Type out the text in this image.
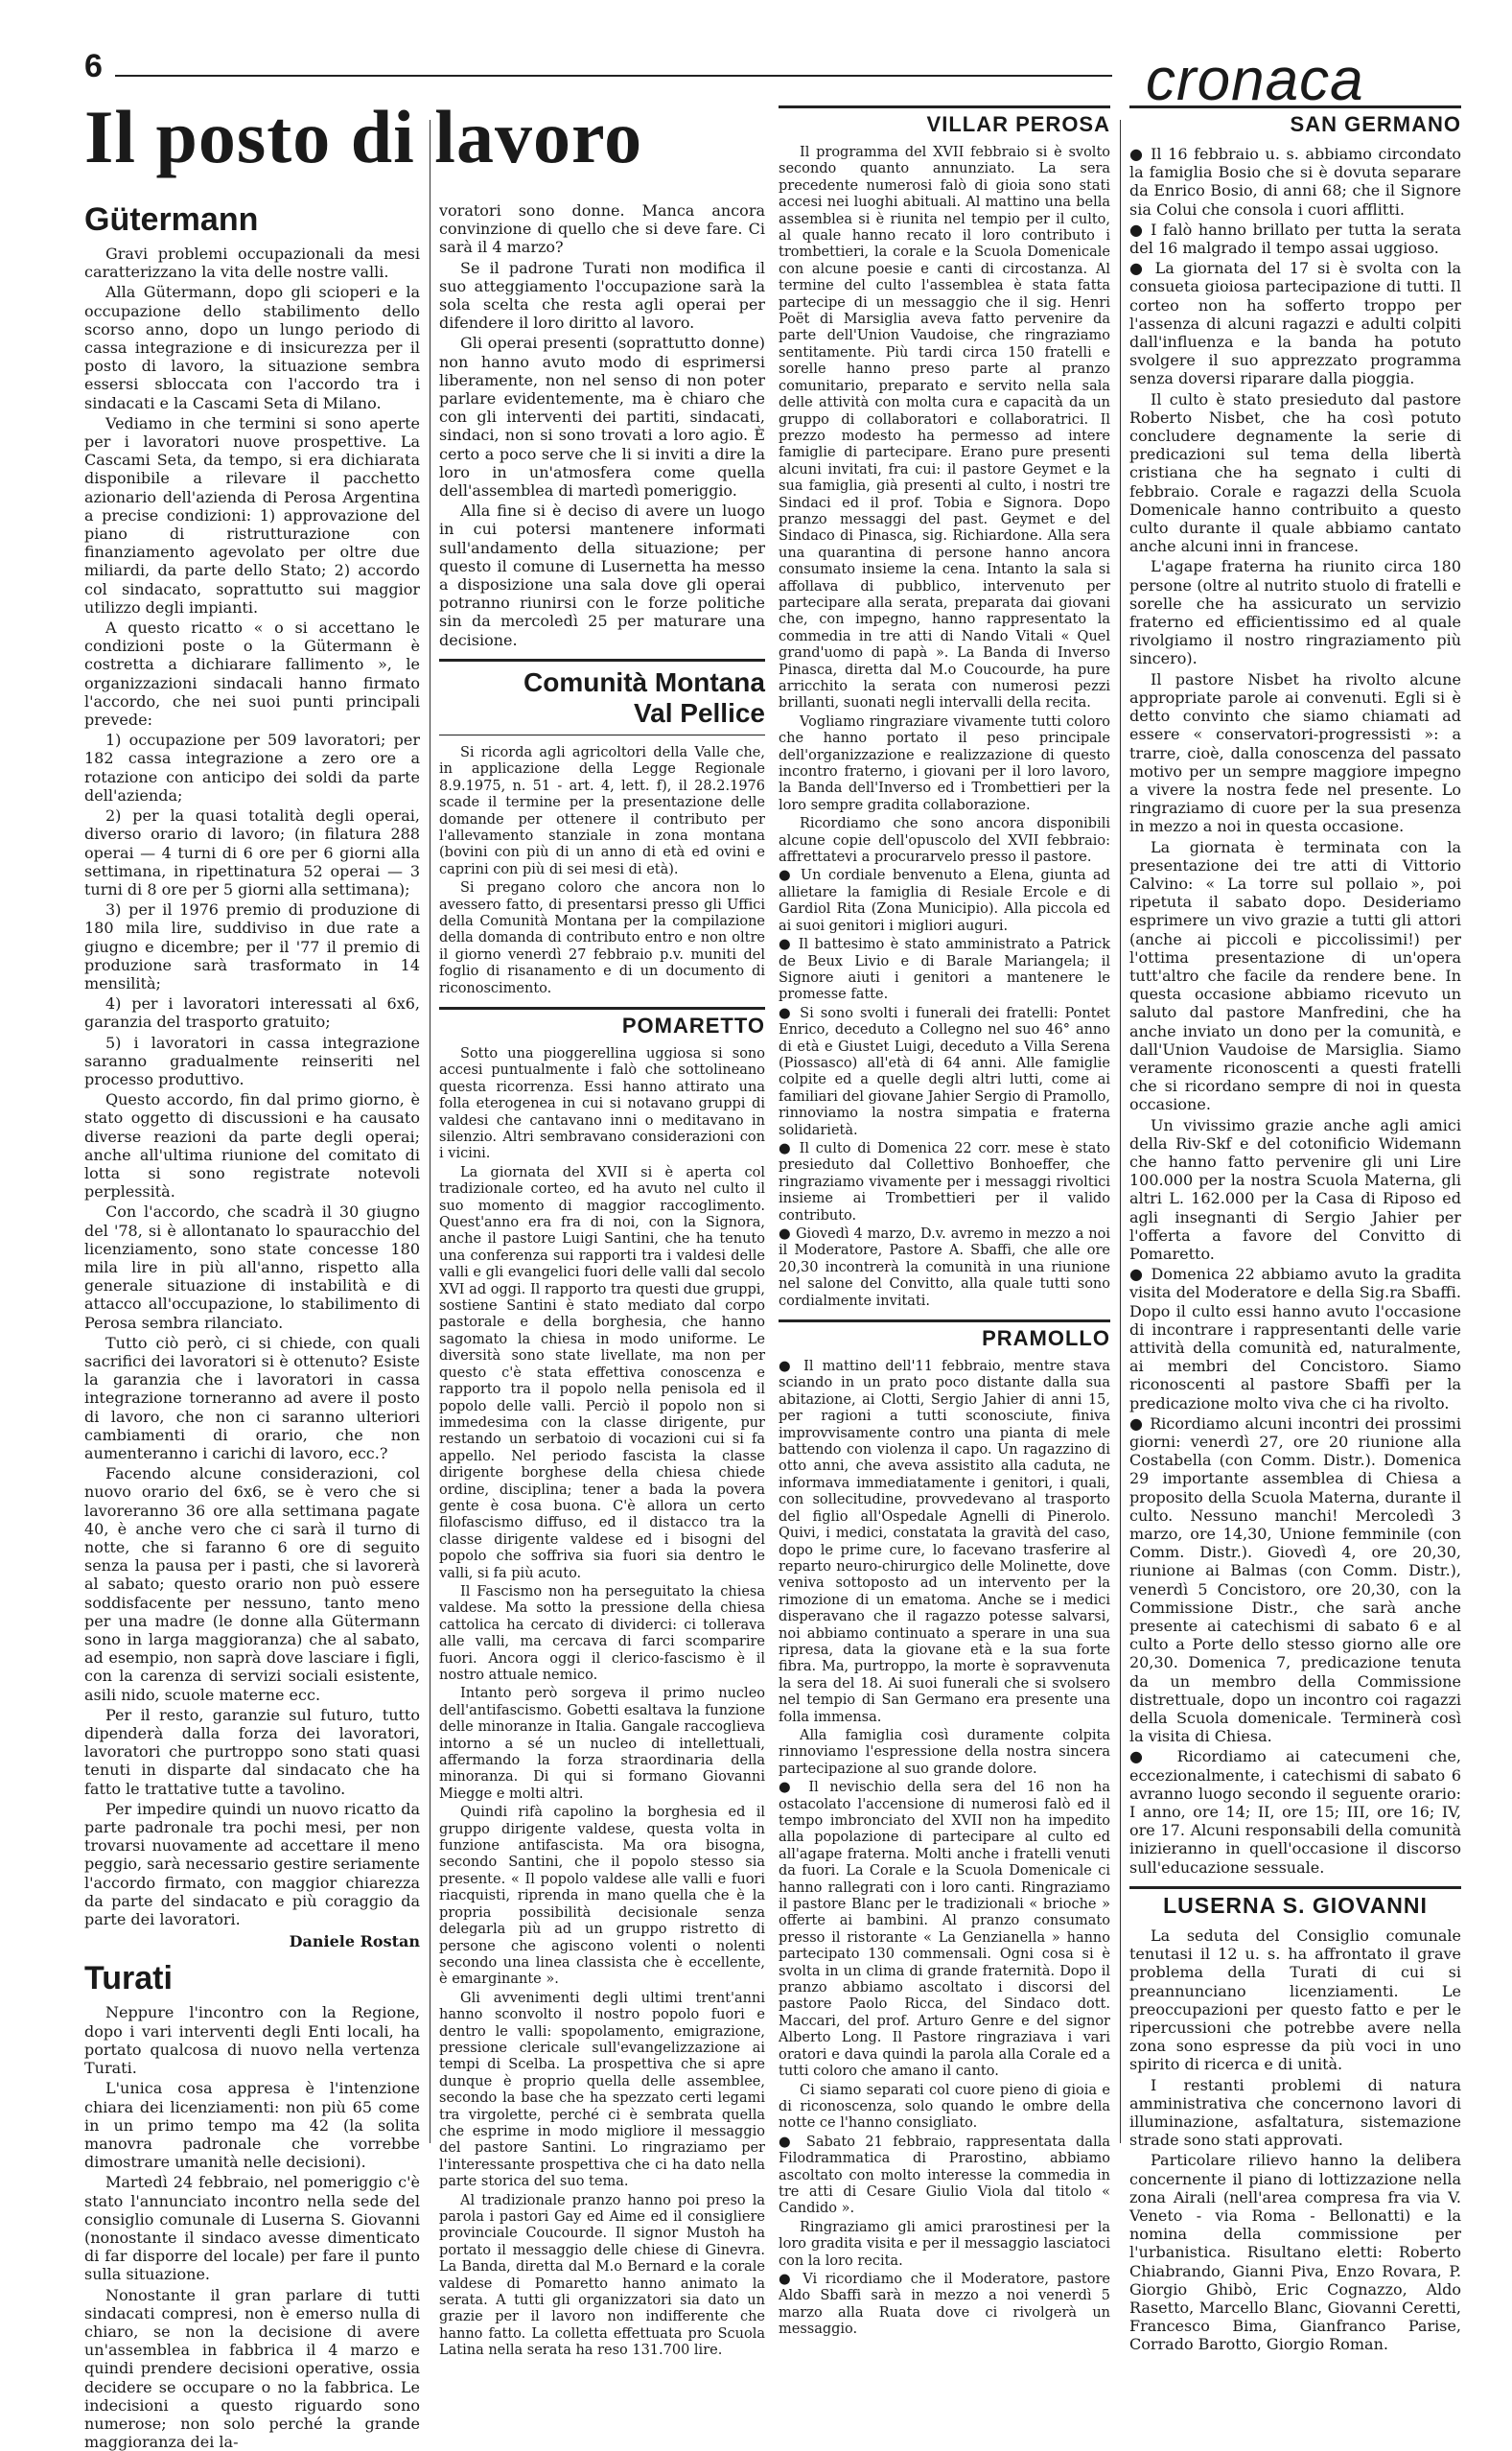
6	cronaca
Il posto di lavoro
Gütermann

Gravi problemi occupazionali da mesi caratterizzano la vita delle nostre valli.

Alla Gütermann, dopo gli scioperi e la occupazione dello stabilimento dello scorso anno, dopo un lungo periodo di cassa integrazione e di insicurezza per il posto di lavoro, la situazione sembra essersi sbloccata con l'accordo tra i sindacati e la Cascami Seta di Milano.

Vediamo in che termini si sono aperte per i lavoratori nuove prospettive. La Cascami Seta, da tempo, si era dichiarata disponibile a rilevare il pacchetto azionario dell'azienda di Perosa Argentina a precise condizioni: 1) approvazione del piano di ristrutturazione con finanziamento agevolato per oltre due miliardi, da parte dello Stato; 2) accordo col sindacato, soprattutto sui maggior utilizzo degli impianti.

A questo ricatto « o si accettano le condizioni poste o la Gütermann è costretta a dichiarare fallimento », le organizzazioni sindacali hanno firmato l'accordo, che nei suoi punti principali prevede:

1) occupazione per 509 lavoratori; per 182 cassa integrazione a zero ore a rotazione con anticipo dei soldi da parte dell'azienda;

2) per la quasi totalità degli operai, diverso orario di lavoro; (in filatura 288 operai — 4 turni di 6 ore per 6 giorni alla settimana, in ripettinatura 52 operai — 3 turni di 8 ore per 5 giorni alla settimana);

3) per il 1976 premio di produzione di 180 mila lire, suddiviso in due rate a giugno e dicembre; per il '77 il premio di produzione sarà trasformato in 14 mensilità;

4) per i lavoratori interessati al 6x6, garanzia del trasporto gratuito;

5) i lavoratori in cassa integrazione saranno gradualmente reinseriti nel processo produttivo.

Questo accordo, fin dal primo giorno, è stato oggetto di discussioni e ha causato diverse reazioni da parte degli operai; anche all'ultima riunione del comitato di lotta si sono registrate notevoli perplessità.

Con l'accordo, che scadrà il 30 giugno del '78, si è allontanato lo spauracchio del licenziamento, sono state concesse 180 mila lire in più all'anno, rispetto alla generale situazione di instabilità e di attacco all'occupazione, lo stabilimento di Perosa sembra rilanciato.

Tutto ciò però, ci si chiede, con quali sacrifici dei lavoratori si è ottenuto? Esiste la garanzia che i lavoratori in cassa integrazione torneranno ad avere il posto di lavoro, che non ci saranno ulteriori cambiamenti di orario, che non aumenteranno i carichi di lavoro, ecc.?

Facendo alcune considerazioni, col nuovo orario del 6x6, se è vero che si lavoreranno 36 ore alla settimana pagate 40, è anche vero che ci sarà il turno di notte, che si faranno 6 ore di seguito senza la pausa per i pasti, che si lavorerà al sabato; questo orario non può essere soddisfacente per nessuno, tanto meno per una madre (le donne alla Gütermann sono in larga maggioranza) che al sabato, ad esempio, non saprà dove lasciare i figli, con la carenza di servizi sociali esistente, asili nido, scuole materne ecc.

Per il resto, garanzie sul futuro, tutto dipenderà dalla forza dei lavoratori, lavoratori che purtroppo sono stati quasi tenuti in disparte dal sindacato che ha fatto le trattative tutte a tavolino.

Per impedire quindi un nuovo ricatto da parte padronale tra pochi mesi, per non trovarsi nuovamente ad accettare il meno peggio, sarà necessario gestire seriamente l'accordo firmato, con maggior chiarezza da parte del sindacato e più coraggio da parte dei lavoratori.

Daniele Rostan
Turati

Neppure l'incontro con la Regione, dopo i vari interventi degli Enti locali, ha portato qualcosa di nuovo nella vertenza Turati.

L'unica cosa appresa è l'intenzione chiara dei licenziamenti: non più 65 come in un primo tempo ma 42 (la solita manovra padronale che vorrebbe dimostrare umanità nelle decisioni).

Martedì 24 febbraio, nel pomeriggio c'è stato l'annunciato incontro nella sede del consiglio comunale di Luserna S. Giovanni (nonostante il sindaco avesse dimenticato di far disporre del locale) per fare il punto sulla situazione.

Nonostante il gran parlare di tutti sindacati compresi, non è emerso nulla di chiaro, se non la decisione di avere un'assemblea in fabbrica il 4 marzo e quindi prendere decisioni operative, ossia decidere se occupare o no la fabbrica. Le indecisioni a questo riguardo sono numerose; non solo perché la grande maggioranza dei la-

voratori sono donne. Manca ancora convinzione di quello che si deve fare. Ci sarà il 4 marzo?

Se il padrone Turati non modifica il suo atteggiamento l'occupazione sarà la sola scelta che resta agli operai per difendere il loro diritto al lavoro.

Gli operai presenti (soprattutto donne) non hanno avuto modo di esprimersi liberamente, non nel senso di non poter parlare evidentemente, ma è chiaro che con gli interventi dei partiti, sindacati, sindaci, non si sono trovati a loro agio. È certo a poco serve che li si inviti a dire la loro in un'atmosfera come quella dell'assemblea di martedì pomeriggio.

Alla fine si è deciso di avere un luogo in cui potersi mantenere informati sull'andamento della situazione; per questo il comune di Lusernetta ha messo a disposizione una sala dove gli operai potranno riunirsi con le forze politiche sin da mercoledì 25 per maturare una decisione.

Comunità Montana
Val Pellice

Si ricorda agli agricoltori della Valle che, in applicazione della Legge Regionale 8.9.1975, n. 51 - art. 4, lett. f), il 28.2.1976 scade il termine per la presentazione delle domande per ottenere il contributo per l'allevamento stanziale in zona montana (bovini con più di un anno di età ed ovini e caprini con più di sei mesi di età).

Si pregano coloro che ancora non lo avessero fatto, di presentarsi presso gli Uffici della Comunità Montana per la compilazione della domanda di contributo entro e non oltre il giorno venerdì 27 febbraio p.v. muniti del foglio di risanamento e di un documento di riconoscimento.

POMARETTO

Sotto una pioggerellina uggiosa si sono accesi puntualmente i falò che sottolineano questa ricorrenza. Essi hanno attirato una folla eterogenea in cui si notavano gruppi di valdesi che cantavano inni o meditavano in silenzio. Altri sembravano considerazioni con i vicini.

La giornata del XVII si è aperta col tradizionale corteo, ed ha avuto nel culto il suo momento di maggior raccoglimento. Quest'anno era fra di noi, con la Signora, anche il pastore Luigi Santini, che ha tenuto una conferenza sui rapporti tra i valdesi delle valli e gli evangelici fuori delle valli dal secolo XVI ad oggi. Il rapporto tra questi due gruppi, sostiene Santini è stato mediato dal corpo pastorale e della borghesia, che hanno sagomato la chiesa in modo uniforme. Le diversità sono state livellate, ma non per questo c'è stata effettiva conoscenza e rapporto tra il popolo nella penisola ed il popolo delle valli. Perciò il popolo non si immedesima con la classe dirigente, pur restando un serbatoio di vocazioni cui si fa appello. Nel periodo fascista la classe dirigente borghese della chiesa chiede ordine, disciplina; tener a bada la povera gente è cosa buona. C'è allora un certo filofascismo diffuso, ed il distacco tra la classe dirigente valdese ed i bisogni del popolo che soffriva sia fuori sia dentro le valli, si fa più acuto.

Il Fascismo non ha perseguitato la chiesa valdese. Ma sotto la pressione della chiesa cattolica ha cercato di dividerci: ci tollerava alle valli, ma cercava di farci scomparire fuori. Ancora oggi il clerico-fascismo è il nostro attuale nemico.

Intanto però sorgeva il primo nucleo dell'antifascismo. Gobetti esaltava la funzione delle minoranze in Italia. Gangale raccoglieva intorno a sé un nucleo di intellettuali, affermando la forza straordinaria della minoranza. Di qui si formano Giovanni Miegge e molti altri.

Quindi rifà capolino la borghesia ed il gruppo dirigente valdese, questa volta in funzione antifascista. Ma ora bisogna, secondo Santini, che il popolo stesso sia presente. « Il popolo valdese alle valli e fuori riacquisti, riprenda in mano quella che è la propria possibilità decisionale senza delegarla più ad un gruppo ristretto di persone che agiscono volenti o nolenti secondo una linea classista che è eccellente, è emarginante ».

Gli avvenimenti degli ultimi trent'anni hanno sconvolto il nostro popolo fuori e dentro le valli: spopolamento, emigrazione, pressione clericale sull'evangelizzazione ai tempi di Scelba. La prospettiva che si apre dunque è proprio quella delle assemblee, secondo la base che ha spezzato certi legami tra virgolette, perché ci è sembrata quella che esprime in modo migliore il messaggio del pastore Santini. Lo ringraziamo per l'interessante prospettiva che ci ha dato nella parte storica del suo tema.

Al tradizionale pranzo hanno poi preso la parola i pastori Gay ed Aime ed il consigliere provinciale Coucourde. Il signor Mustoh ha portato il messaggio delle chiese di Ginevra. La Banda, diretta dal M.o Bernard e la corale valdese di Pomaretto hanno animato la serata. A tutti gli organizzatori sia dato un grazie per il lavoro non indifferente che hanno fatto. La colletta effettuata pro Scuola Latina nella serata ha reso 131.700 lire.

VILLAR PEROSA

Il programma del XVII febbraio si è svolto secondo quanto annunziato. La sera precedente numerosi falò di gioia sono stati accesi nei luoghi abituali. Al mattino una bella assemblea si è riunita nel tempio per il culto, al quale hanno recato il loro contributo i trombettieri, la corale e la Scuola Domenicale con alcune poesie e canti di circostanza. Al termine del culto l'assemblea è stata fatta partecipe di un messaggio che il sig. Henri Poët di Marsiglia aveva fatto pervenire da parte dell'Union Vaudoise, che ringraziamo sentitamente. Più tardi circa 150 fratelli e sorelle hanno preso parte al pranzo comunitario, preparato e servito nella sala delle attività con molta cura e capacità da un gruppo di collaboratori e collaboratrici. Il prezzo modesto ha permesso ad intere famiglie di partecipare. Erano pure presenti alcuni invitati, fra cui: il pastore Geymet e la sua famiglia, già presenti al culto, i nostri tre Sindaci ed il prof. Tobia e Signora. Dopo pranzo messaggi del past. Geymet e del Sindaco di Pinasca, sig. Richiardone. Alla sera una quarantina di persone hanno ancora consumato insieme la cena. Intanto la sala si affollava di pubblico, intervenuto per partecipare alla serata, preparata dai giovani che, con impegno, hanno rappresentato la commedia in tre atti di Nando Vitali « Quel grand'uomo di papà ». La Banda di Inverso Pinasca, diretta dal M.o Coucourde, ha pure arricchito la serata con numerosi pezzi brillanti, suonati negli intervalli della recita.

Vogliamo ringraziare vivamente tutti coloro che hanno portato il peso principale dell'organizzazione e realizzazione di questo incontro fraterno, i giovani per il loro lavoro, la Banda dell'Inverso ed i Trombettieri per la loro sempre gradita collaborazione.

Ricordiamo che sono ancora disponibili alcune copie dell'opuscolo del XVII febbraio: affrettatevi a procurarvelo presso il pastore.

● Un cordiale benvenuto a Elena, giunta ad allietare la famiglia di Resiale Ercole e di Gardiol Rita (Zona Municipio). Alla piccola ed ai suoi genitori i migliori auguri.

● Il battesimo è stato amministrato a Patrick de Beux Livio e di Barale Mariangela; il Signore aiuti i genitori a mantenere le promesse fatte.

● Si sono svolti i funerali dei fratelli: Pontet Enrico, deceduto a Collegno nel suo 46° anno di età e Giustet Luigi, deceduto a Villa Serena (Piossasco) all'età di 64 anni. Alle famiglie colpite ed a quelle degli altri lutti, come ai familiari del giovane Jahier Sergio di Pramollo, rinnoviamo la nostra simpatia e fraterna solidarietà.

● Il culto di Domenica 22 corr. mese è stato presieduto dal Collettivo Bonhoeffer, che ringraziamo vivamente per i messaggi rivoltici insieme ai Trombettieri per il valido contributo.

● Giovedì 4 marzo, D.v. avremo in mezzo a noi il Moderatore, Pastore A. Sbaffi, che alle ore 20,30 incontrerà la comunità in una riunione nel salone del Convitto, alla quale tutti sono cordialmente invitati.

PRAMOLLO

● Il mattino dell'11 febbraio, mentre stava sciando in un prato poco distante dalla sua abitazione, ai Clotti, Sergio Jahier di anni 15, per ragioni a tutti sconosciute, finiva improvvisamente contro una pianta di mele battendo con violenza il capo. Un ragazzino di otto anni, che aveva assistito alla caduta, ne informava immediatamente i genitori, i quali, con sollecitudine, provvedevano al trasporto del figlio all'Ospedale Agnelli di Pinerolo. Quivi, i medici, constatata la gravità del caso, dopo le prime cure, lo facevano trasferire al reparto neuro-chirurgico delle Molinette, dove veniva sottoposto ad un intervento per la rimozione di un ematoma. Anche se i medici disperavano che il ragazzo potesse salvarsi, noi abbiamo continuato a sperare in una sua ripresa, data la giovane età e la sua forte fibra. Ma, purtroppo, la morte è sopravvenuta la sera del 18. Ai suoi funerali che si svolsero nel tempio di San Germano era presente una folla immensa.

Alla famiglia così duramente colpita rinnoviamo l'espressione della nostra sincera partecipazione al suo grande dolore.

● Il nevischio della sera del 16 non ha ostacolato l'accensione di numerosi falò ed il tempo imbronciato del XVII non ha impedito alla popolazione di partecipare al culto ed all'agape fraterna. Molti anche i fratelli venuti da fuori. La Corale e la Scuola Domenicale ci hanno rallegrati con i loro canti. Ringraziamo il pastore Blanc per le tradizionali « brioche » offerte ai bambini. Al pranzo consumato presso il ristorante « La Genzianella » hanno partecipato 130 commensali. Ogni cosa si è svolta in un clima di grande fraternità. Dopo il pranzo abbiamo ascoltato i discorsi del pastore Paolo Ricca, del Sindaco dott. Maccari, del prof. Arturo Genre e del signor Alberto Long. Il Pastore ringraziava i vari oratori e dava quindi la parola alla Corale ed a tutti coloro che amano il canto.

Ci siamo separati col cuore pieno di gioia e di riconoscenza, solo quando le ombre della notte ce l'hanno consigliato.

● Sabato 21 febbraio, rappresentata dalla Filodrammatica di Prarostino, abbiamo ascoltato con molto interesse la commedia in tre atti di Cesare Giulio Viola dal titolo « Candido ».

Ringraziamo gli amici prarostinesi per la loro gradita visita e per il messaggio lasciatoci con la loro recita.

● Vi ricordiamo che il Moderatore, pastore Aldo Sbaffi sarà in mezzo a noi venerdì 5 marzo alla Ruata dove ci rivolgerà un messaggio.

SAN GERMANO

● Il 16 febbraio u. s. abbiamo circondato la famiglia Bosio che si è dovuta separare da Enrico Bosio, di anni 68; che il Signore sia Colui che consola i cuori afflitti.

● I falò hanno brillato per tutta la serata del 16 malgrado il tempo assai uggioso.

● La giornata del 17 si è svolta con la consueta gioiosa partecipazione di tutti. Il corteo non ha sofferto troppo per l'assenza di alcuni ragazzi e adulti colpiti dall'influenza e la banda ha potuto svolgere il suo apprezzato programma senza doversi riparare dalla pioggia.

Il culto è stato presieduto dal pastore Roberto Nisbet, che ha così potuto concludere degnamente la serie di predicazioni sul tema della libertà cristiana che ha segnato i culti di febbraio. Corale e ragazzi della Scuola Domenicale hanno contribuito a questo culto durante il quale abbiamo cantato anche alcuni inni in francese.

L'agape fraterna ha riunito circa 180 persone (oltre al nutrito stuolo di fratelli e sorelle che ha assicurato un servizio fraterno ed efficientissimo ed al quale rivolgiamo il nostro ringraziamento più sincero).

Il pastore Nisbet ha rivolto alcune appropriate parole ai convenuti. Egli si è detto convinto che siamo chiamati ad essere « conservatori-progressisti »: a trarre, cioè, dalla conoscenza del passato motivo per un sempre maggiore impegno a vivere la nostra fede nel presente. Lo ringraziamo di cuore per la sua presenza in mezzo a noi in questa occasione.

La giornata è terminata con la presentazione dei tre atti di Vittorio Calvino: « La torre sul pollaio », poi ripetuta il sabato dopo. Desideriamo esprimere un vivo grazie a tutti gli attori (anche ai piccoli e piccolissimi!) per l'ottima presentazione di un'opera tutt'altro che facile da rendere bene. In questa occasione abbiamo ricevuto un saluto dal pastore Manfredini, che ha anche inviato un dono per la comunità, e dall'Union Vaudoise de Marsiglia. Siamo veramente riconoscenti a questi fratelli che si ricordano sempre di noi in questa occasione.

Un vivissimo grazie anche agli amici della Riv-Skf e del cotonificio Widemann che hanno fatto pervenire gli uni Lire 100.000 per la nostra Scuola Materna, gli altri L. 162.000 per la Casa di Riposo ed agli insegnanti di Sergio Jahier per l'offerta a favore del Convitto di Pomaretto.

● Domenica 22 abbiamo avuto la gradita visita del Moderatore e della Sig.ra Sbaffi. Dopo il culto essi hanno avuto l'occasione di incontrare i rappresentanti delle varie attività della comunità ed, naturalmente, ai membri del Concistoro. Siamo riconoscenti al pastore Sbaffi per la predicazione molto viva che ci ha rivolto.

● Ricordiamo alcuni incontri dei prossimi giorni: venerdì 27, ore 20 riunione alla Costabella (con Comm. Distr.). Domenica 29 importante assemblea di Chiesa a proposito della Scuola Materna, durante il culto. Nessuno manchi! Mercoledì 3 marzo, ore 14,30, Unione femminile (con Comm. Distr.). Giovedì 4, ore 20,30, riunione ai Balmas (con Comm. Distr.), venerdì 5 Concistoro, ore 20,30, con la Commissione Distr., che sarà anche presente ai catechismi di sabato 6 e al culto a Porte dello stesso giorno alle ore 20,30. Domenica 7, predicazione tenuta da un membro della Commissione distrettuale, dopo un incontro coi ragazzi della Scuola domenicale. Terminerà così la visita di Chiesa.

● Ricordiamo ai catecumeni che, eccezionalmente, i catechismi di sabato 6 avranno luogo secondo il seguente orario: I anno, ore 14; II, ore 15; III, ore 16; IV, ore 17. Alcuni responsabili della comunità inizieranno in quell'occasione il discorso sull'educazione sessuale.

LUSERNA S. GIOVANNI

La seduta del Consiglio comunale tenutasi il 12 u. s. ha affrontato il grave problema della Turati di cui si preannunciano licenziamenti. Le preoccupazioni per questo fatto e per le ripercussioni che potrebbe avere nella zona sono espresse da più voci in uno spirito di ricerca e di unità.

I restanti problemi di natura amministrativa che concernono lavori di illuminazione, asfaltatura, sistemazione strade sono stati approvati.

Particolare rilievo hanno la delibera concernente il piano di lottizzazione nella zona Airali (nell'area compresa fra via V. Veneto - via Roma - Bellonatti) e la nomina della commissione per l'urbanistica. Risultano eletti: Roberto Chiabrando, Gianni Piva, Enzo Rovara, P. Giorgio Ghibò, Eric Cognazzo, Aldo Rasetto, Marcello Blanc, Giovanni Ceretti, Francesco Bima, Gianfranco Parise, Corrado Barotto, Giorgio Roman.
